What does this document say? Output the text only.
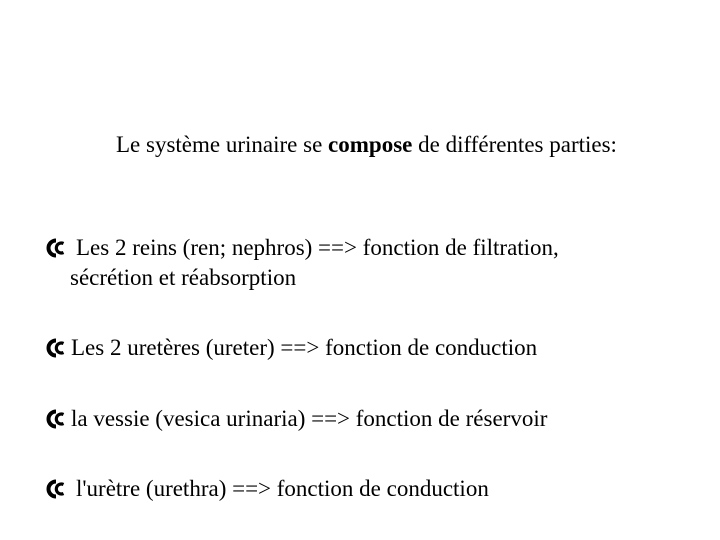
Le système urinaire se compose de différentes parties:
Les 2 reins (ren; nephros) ==> fonction de filtration,
sécrétion et réabsorption
Les 2 uretères (ureter) ==> fonction de conduction
la vessie (vesica urinaria) ==> fonction de réservoir
l'urètre (urethra) ==> fonction de conduction
